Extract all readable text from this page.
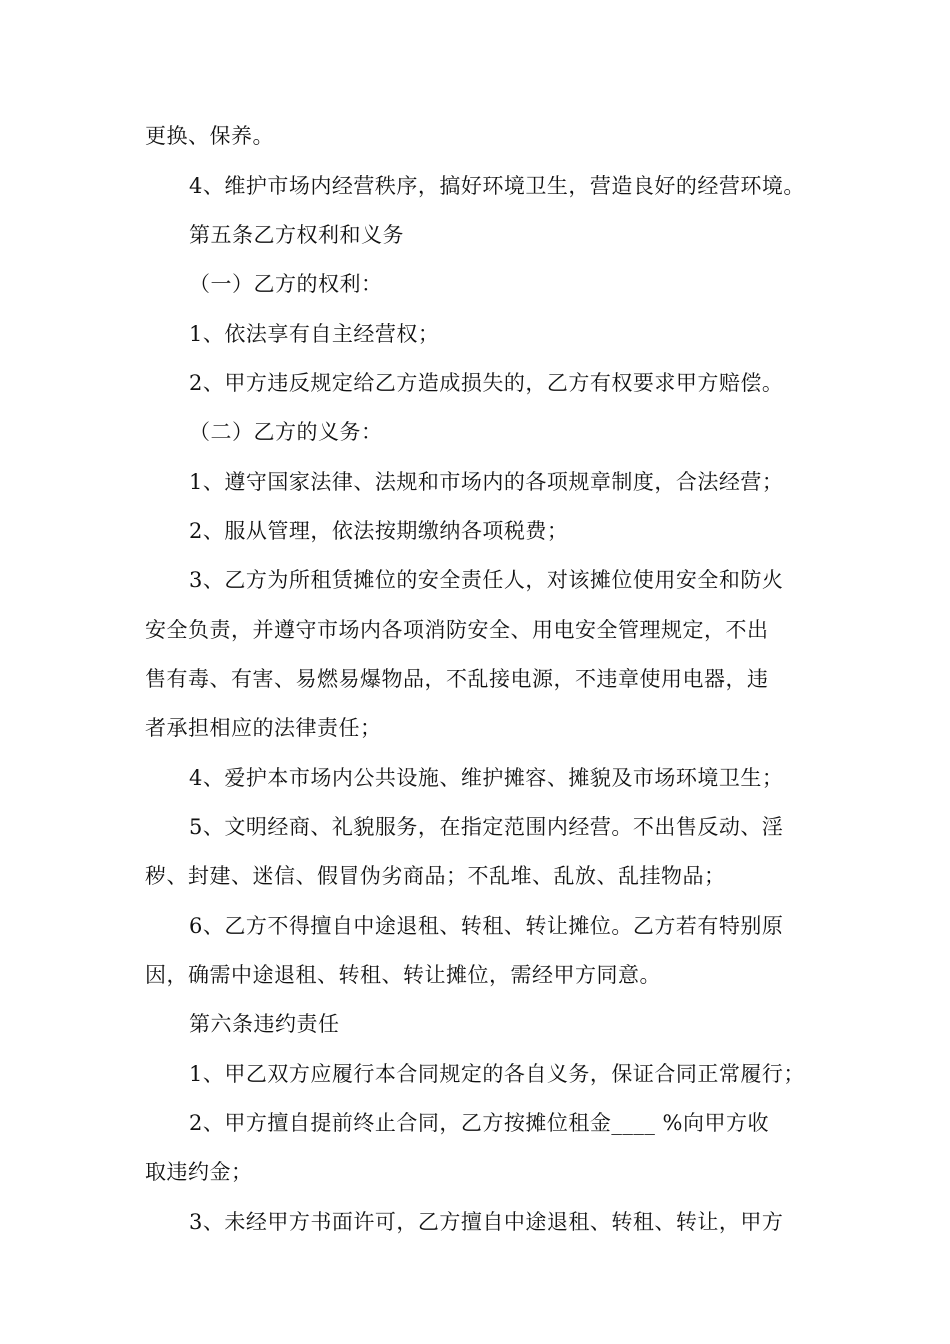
更换、保养。
4、维护市场内经营秩序，搞好环境卫生，营造良好的经营环境。
第五条乙方权利和义务
（一）乙方的权利：
1、依法享有自主经营权；
2、甲方违反规定给乙方造成损失的，乙方有权要求甲方赔偿。
（二）乙方的义务：
1、遵守国家法律、法规和市场内的各项规章制度，合法经营；
2、服从管理，依法按期缴纳各项税费；
3、乙方为所租赁摊位的安全责任人，对该摊位使用安全和防火
安全负责，并遵守市场内各项消防安全、用电安全管理规定，不出
售有毒、有害、易燃易爆物品，不乱接电源，不违章使用电器，违
者承担相应的法律责任；
4、爱护本市场内公共设施、维护摊容、摊貌及市场环境卫生；
5、文明经商、礼貌服务，在指定范围内经营。不出售反动、淫
秽、封建、迷信、假冒伪劣商品；不乱堆、乱放、乱挂物品；
6、乙方不得擅自中途退租、转租、转让摊位。乙方若有特别原
因，确需中途退租、转租、转让摊位，需经甲方同意。
第六条违约责任
1、甲乙双方应履行本合同规定的各自义务，保证合同正常履行；
2、甲方擅自提前终止合同，乙方按摊位租金____ %向甲方收
取违约金；
3、未经甲方书面许可，乙方擅自中途退租、转租、转让，甲方
